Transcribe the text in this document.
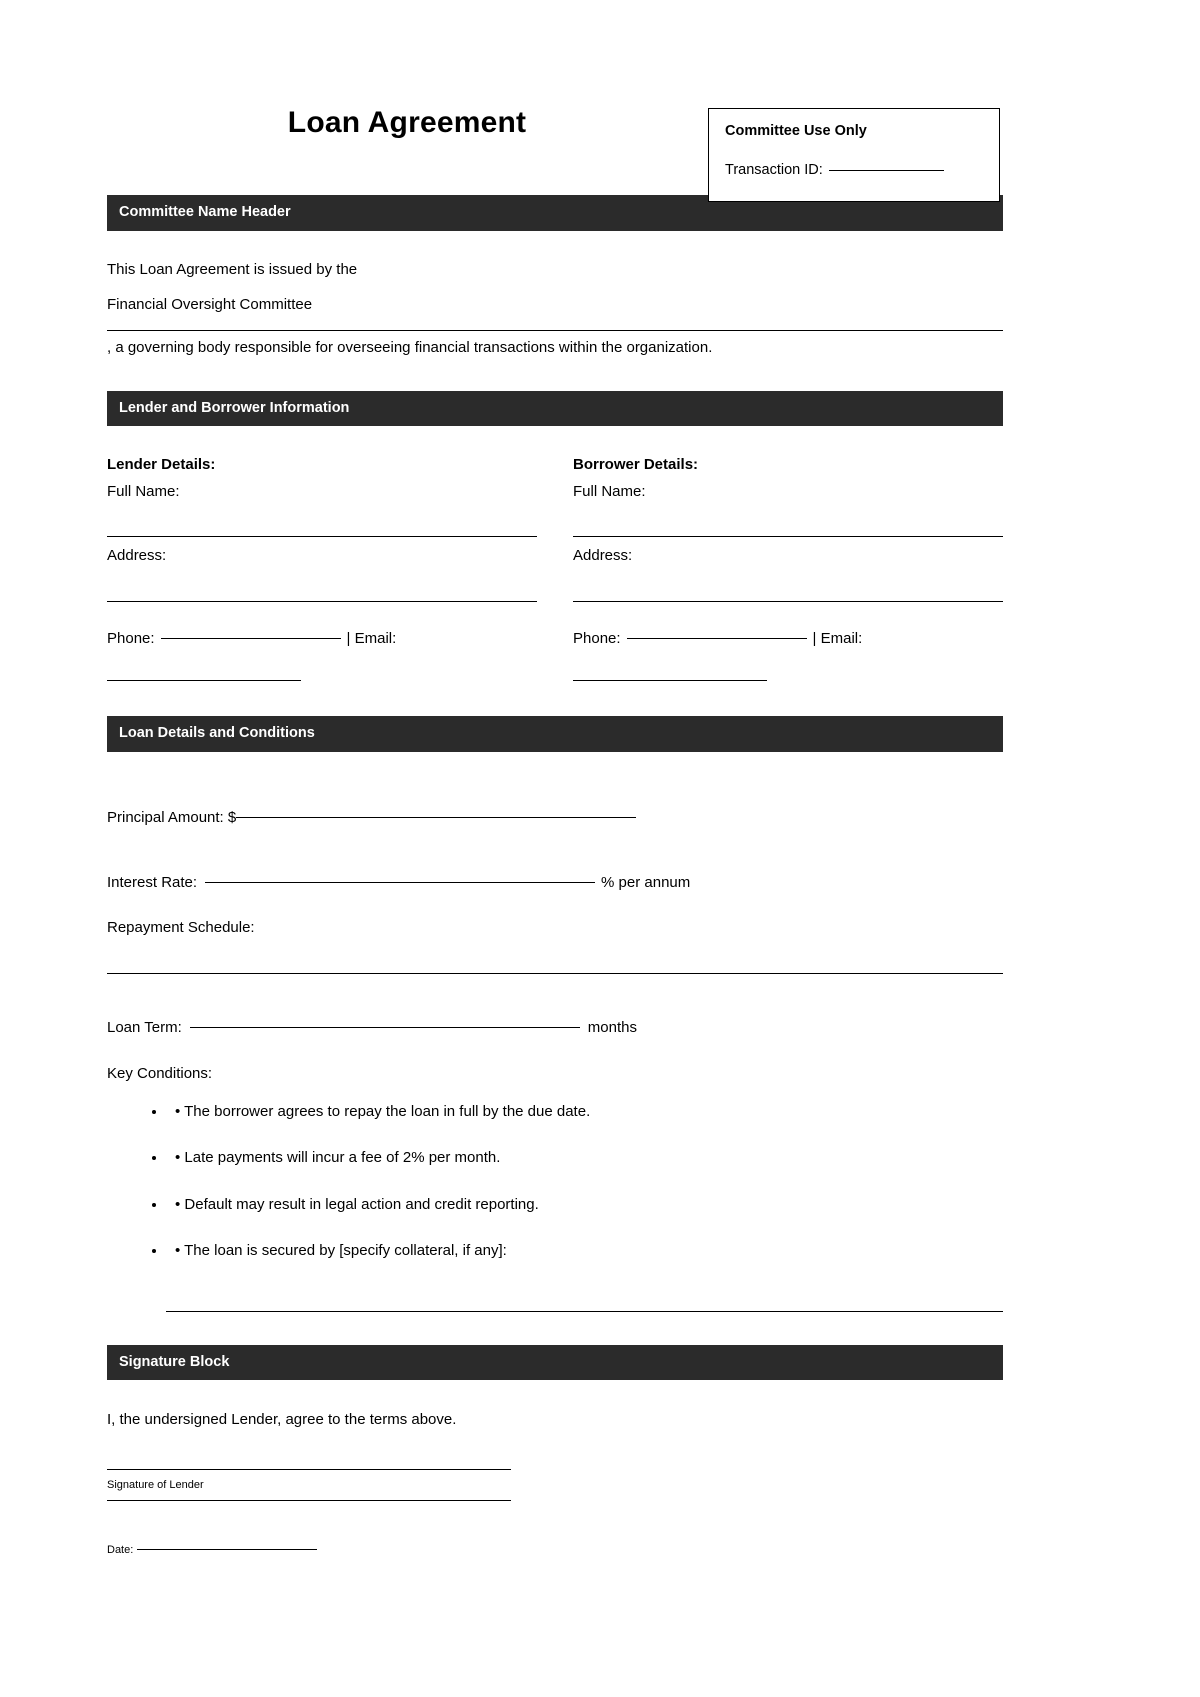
Loan Agreement	Committee Use Only
Transaction ID:
Committee Name Header
This Loan Agreement is issued by the
Financial Oversight Committee
, a governing body responsible for overseeing financial transactions within the organization.
Lender and Borrower Information
Lender Details:
Full Name:
Address:
Phone:	| Email:
Borrower Details:
Full Name:
Address:
Phone:	| Email:
Loan Details and Conditions
Principal Amount: $
Interest Rate:	% per annum
Repayment Schedule:
Loan Term:	months
Key Conditions:
• • The borrower agrees to repay the loan in full by the due date.
• • Late payments will incur a fee of 2% per month.
• • Default may result in legal action and credit reporting.
• • The loan is secured by [specify collateral, if any]:
Signature Block
I, the undersigned Lender, agree to the terms above.
Signature of Lender
Date:
